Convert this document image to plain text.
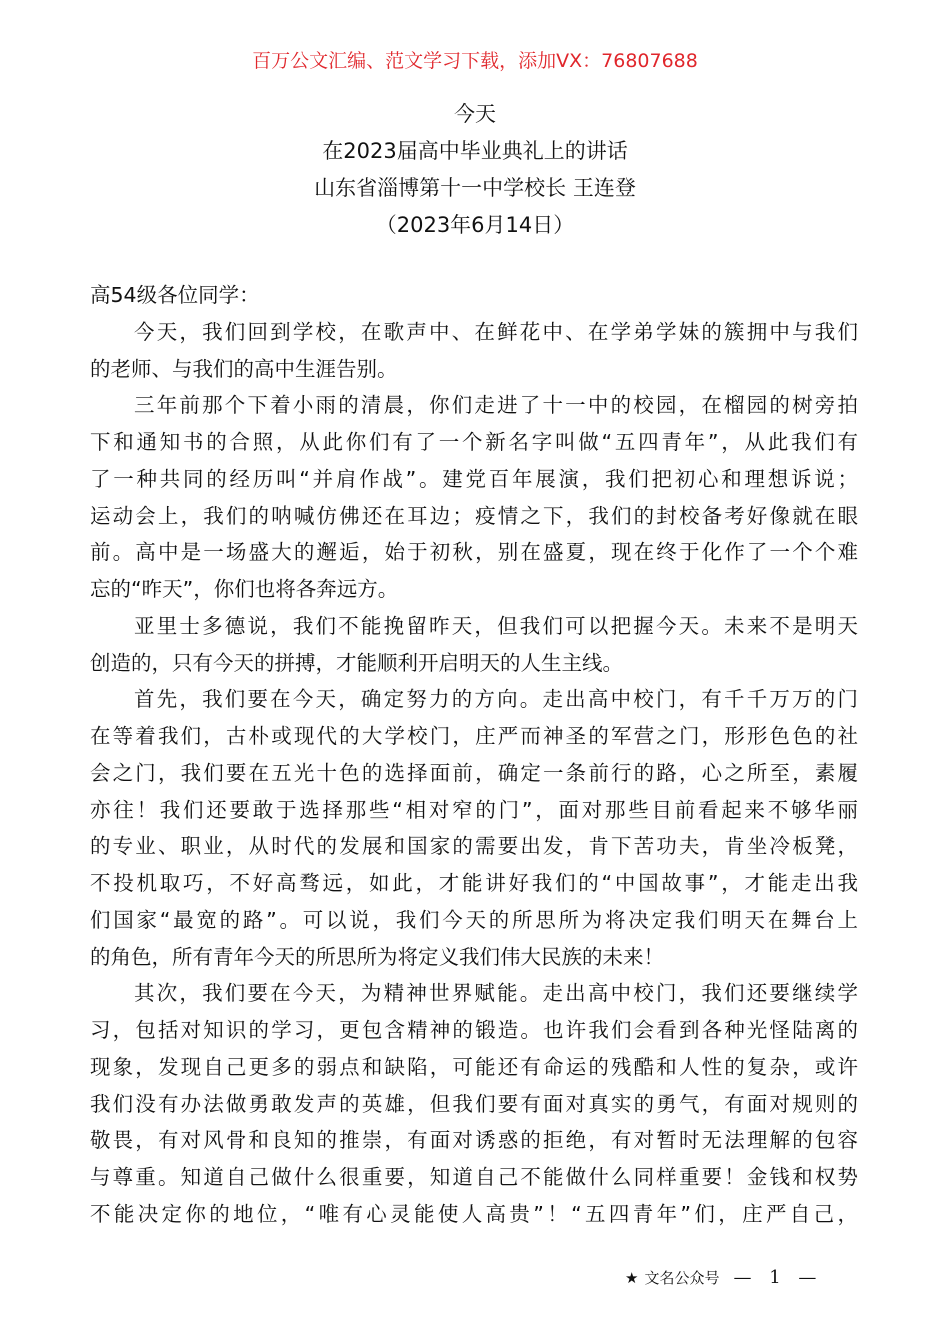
百万公文汇编、范文学习下载，添加VX：76807688
今天
在2023届高中毕业典礼上的讲话
山东省淄博第十一中学校长 王连登
（2023年6月14日）
高54级各位同学：
今天，我们回到学校，在歌声中、在鲜花中、在学弟学妹的簇拥中与我们
的老师、与我们的高中生涯告别。
三年前那个下着小雨的清晨，你们走进了十一中的校园，在榴园的树旁拍
下和通知书的合照，从此你们有了一个新名字叫做“五四青年”，从此我们有
了一种共同的经历叫“并肩作战”。建党百年展演，我们把初心和理想诉说；
运动会上，我们的呐喊仿佛还在耳边；疫情之下，我们的封校备考好像就在眼
前。高中是一场盛大的邂逅，始于初秋，别在盛夏，现在终于化作了一个个难
忘的“昨天”，你们也将各奔远方。
亚里士多德说，我们不能挽留昨天，但我们可以把握今天。未来不是明天
创造的，只有今天的拼搏，才能顺利开启明天的人生主线。
首先，我们要在今天，确定努力的方向。走出高中校门，有千千万万的门
在等着我们，古朴或现代的大学校门，庄严而神圣的军营之门，形形色色的社
会之门，我们要在五光十色的选择面前，确定一条前行的路，心之所至，素履
亦往！我们还要敢于选择那些“相对窄的门”，面对那些目前看起来不够华丽
的专业、职业，从时代的发展和国家的需要出发，肯下苦功夫，肯坐冷板凳，
不投机取巧，不好高骛远，如此，才能讲好我们的“中国故事”，才能走出我
们国家“最宽的路”。可以说，我们今天的所思所为将决定我们明天在舞台上
的角色，所有青年今天的所思所为将定义我们伟大民族的未来！
其次，我们要在今天，为精神世界赋能。走出高中校门，我们还要继续学
习，包括对知识的学习，更包含精神的锻造。也许我们会看到各种光怪陆离的
现象，发现自己更多的弱点和缺陷，可能还有命运的残酷和人性的复杂，或许
我们没有办法做勇敢发声的英雄，但我们要有面对真实的勇气，有面对规则的
敬畏，有对风骨和良知的推崇，有面对诱惑的拒绝，有对暂时无法理解的包容
与尊重。知道自己做什么很重要，知道自己不能做什么同样重要！金钱和权势
不能决定你的地位，“唯有心灵能使人高贵”！“五四青年”们，庄严自己，
★ 文名公众号 — 1 —
